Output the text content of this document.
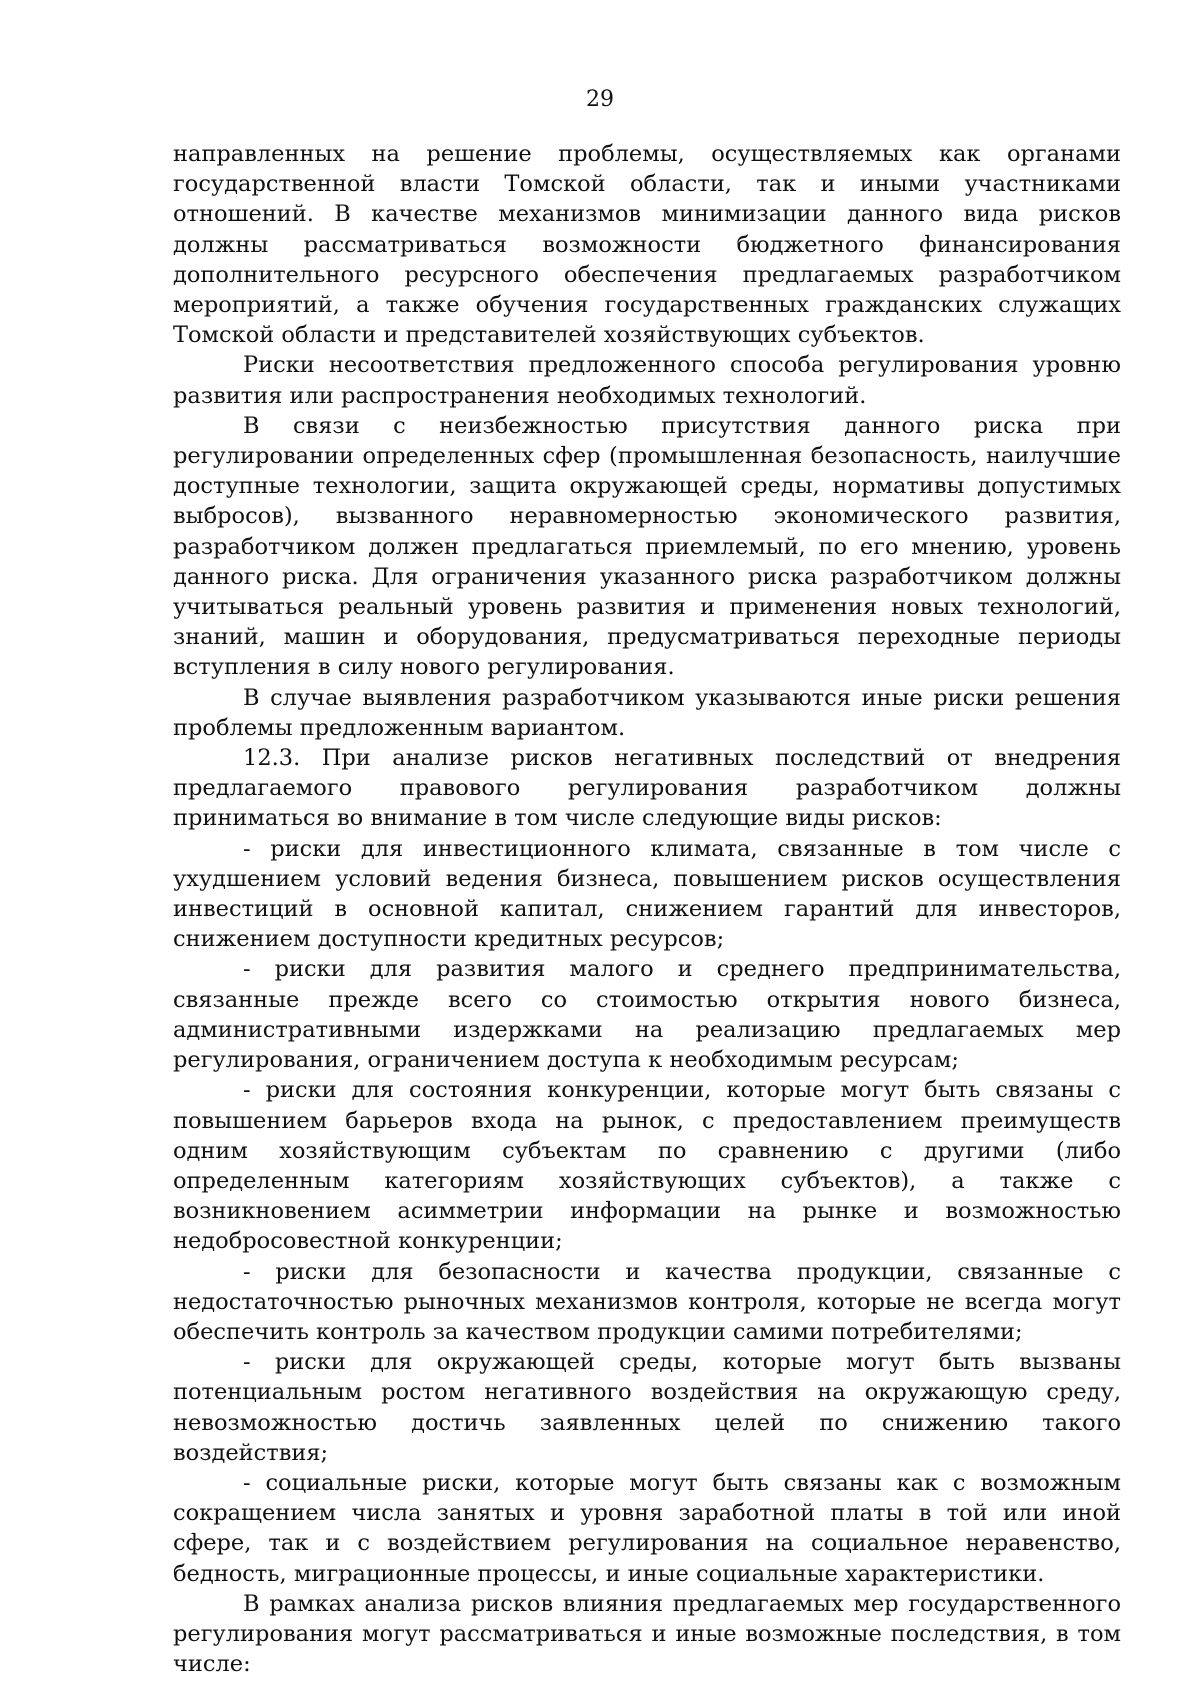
29

направленных на решение проблемы, осуществляемых как органами государственной власти Томской области, так и иными участниками отношений. В качестве механизмов минимизации данного вида рисков должны рассматриваться возможности бюджетного финансирования дополнительного ресурсного обеспечения предлагаемых разработчиком мероприятий, а также обучения государственных гражданских служащих Томской области и представителей хозяйствующих субъектов.

Риски несоответствия предложенного способа регулирования уровню развития или распространения необходимых технологий.

В связи с неизбежностью присутствия данного риска при регулировании определенных сфер (промышленная безопасность, наилучшие доступные технологии, защита окружающей среды, нормативы допустимых выбросов), вызванного неравномерностью экономического развития, разработчиком должен предлагаться приемлемый, по его мнению, уровень данного риска. Для ограничения указанного риска разработчиком должны учитываться реальный уровень развития и применения новых технологий, знаний, машин и оборудования, предусматриваться переходные периоды вступления в силу нового регулирования.

В случае выявления разработчиком указываются иные риски решения проблемы предложенным вариантом.

12.3. При анализе рисков негативных последствий от внедрения предлагаемого правового регулирования разработчиком должны приниматься во внимание в том числе следующие виды рисков:

- риски для инвестиционного климата, связанные в том числе с ухудшением условий ведения бизнеса, повышением рисков осуществления инвестиций в основной капитал, снижением гарантий для инвесторов, снижением доступности кредитных ресурсов;

- риски для развития малого и среднего предпринимательства, связанные прежде всего со стоимостью открытия нового бизнеса, административными издержками на реализацию предлагаемых мер регулирования, ограничением доступа к необходимым ресурсам;

- риски для состояния конкуренции, которые могут быть связаны с повышением барьеров входа на рынок, с предоставлением преимуществ одним хозяйствующим субъектам по сравнению с другими (либо определенным категориям хозяйствующих субъектов), а также с возникновением асимметрии информации на рынке и возможностью недобросовестной конкуренции;

- риски для безопасности и качества продукции, связанные с недостаточностью рыночных механизмов контроля, которые не всегда могут обеспечить контроль за качеством продукции самими потребителями;

- риски для окружающей среды, которые могут быть вызваны потенциальным ростом негативного воздействия на окружающую среду, невозможностью достичь заявленных целей по снижению такого воздействия;

- социальные риски, которые могут быть связаны как с возможным сокращением числа занятых и уровня заработной платы в той или иной сфере, так и с воздействием регулирования на социальное неравенство, бедность, миграционные процессы, и иные социальные характеристики.

В рамках анализа рисков влияния предлагаемых мер государственного регулирования могут рассматриваться и иные возможные последствия, в том числе:
